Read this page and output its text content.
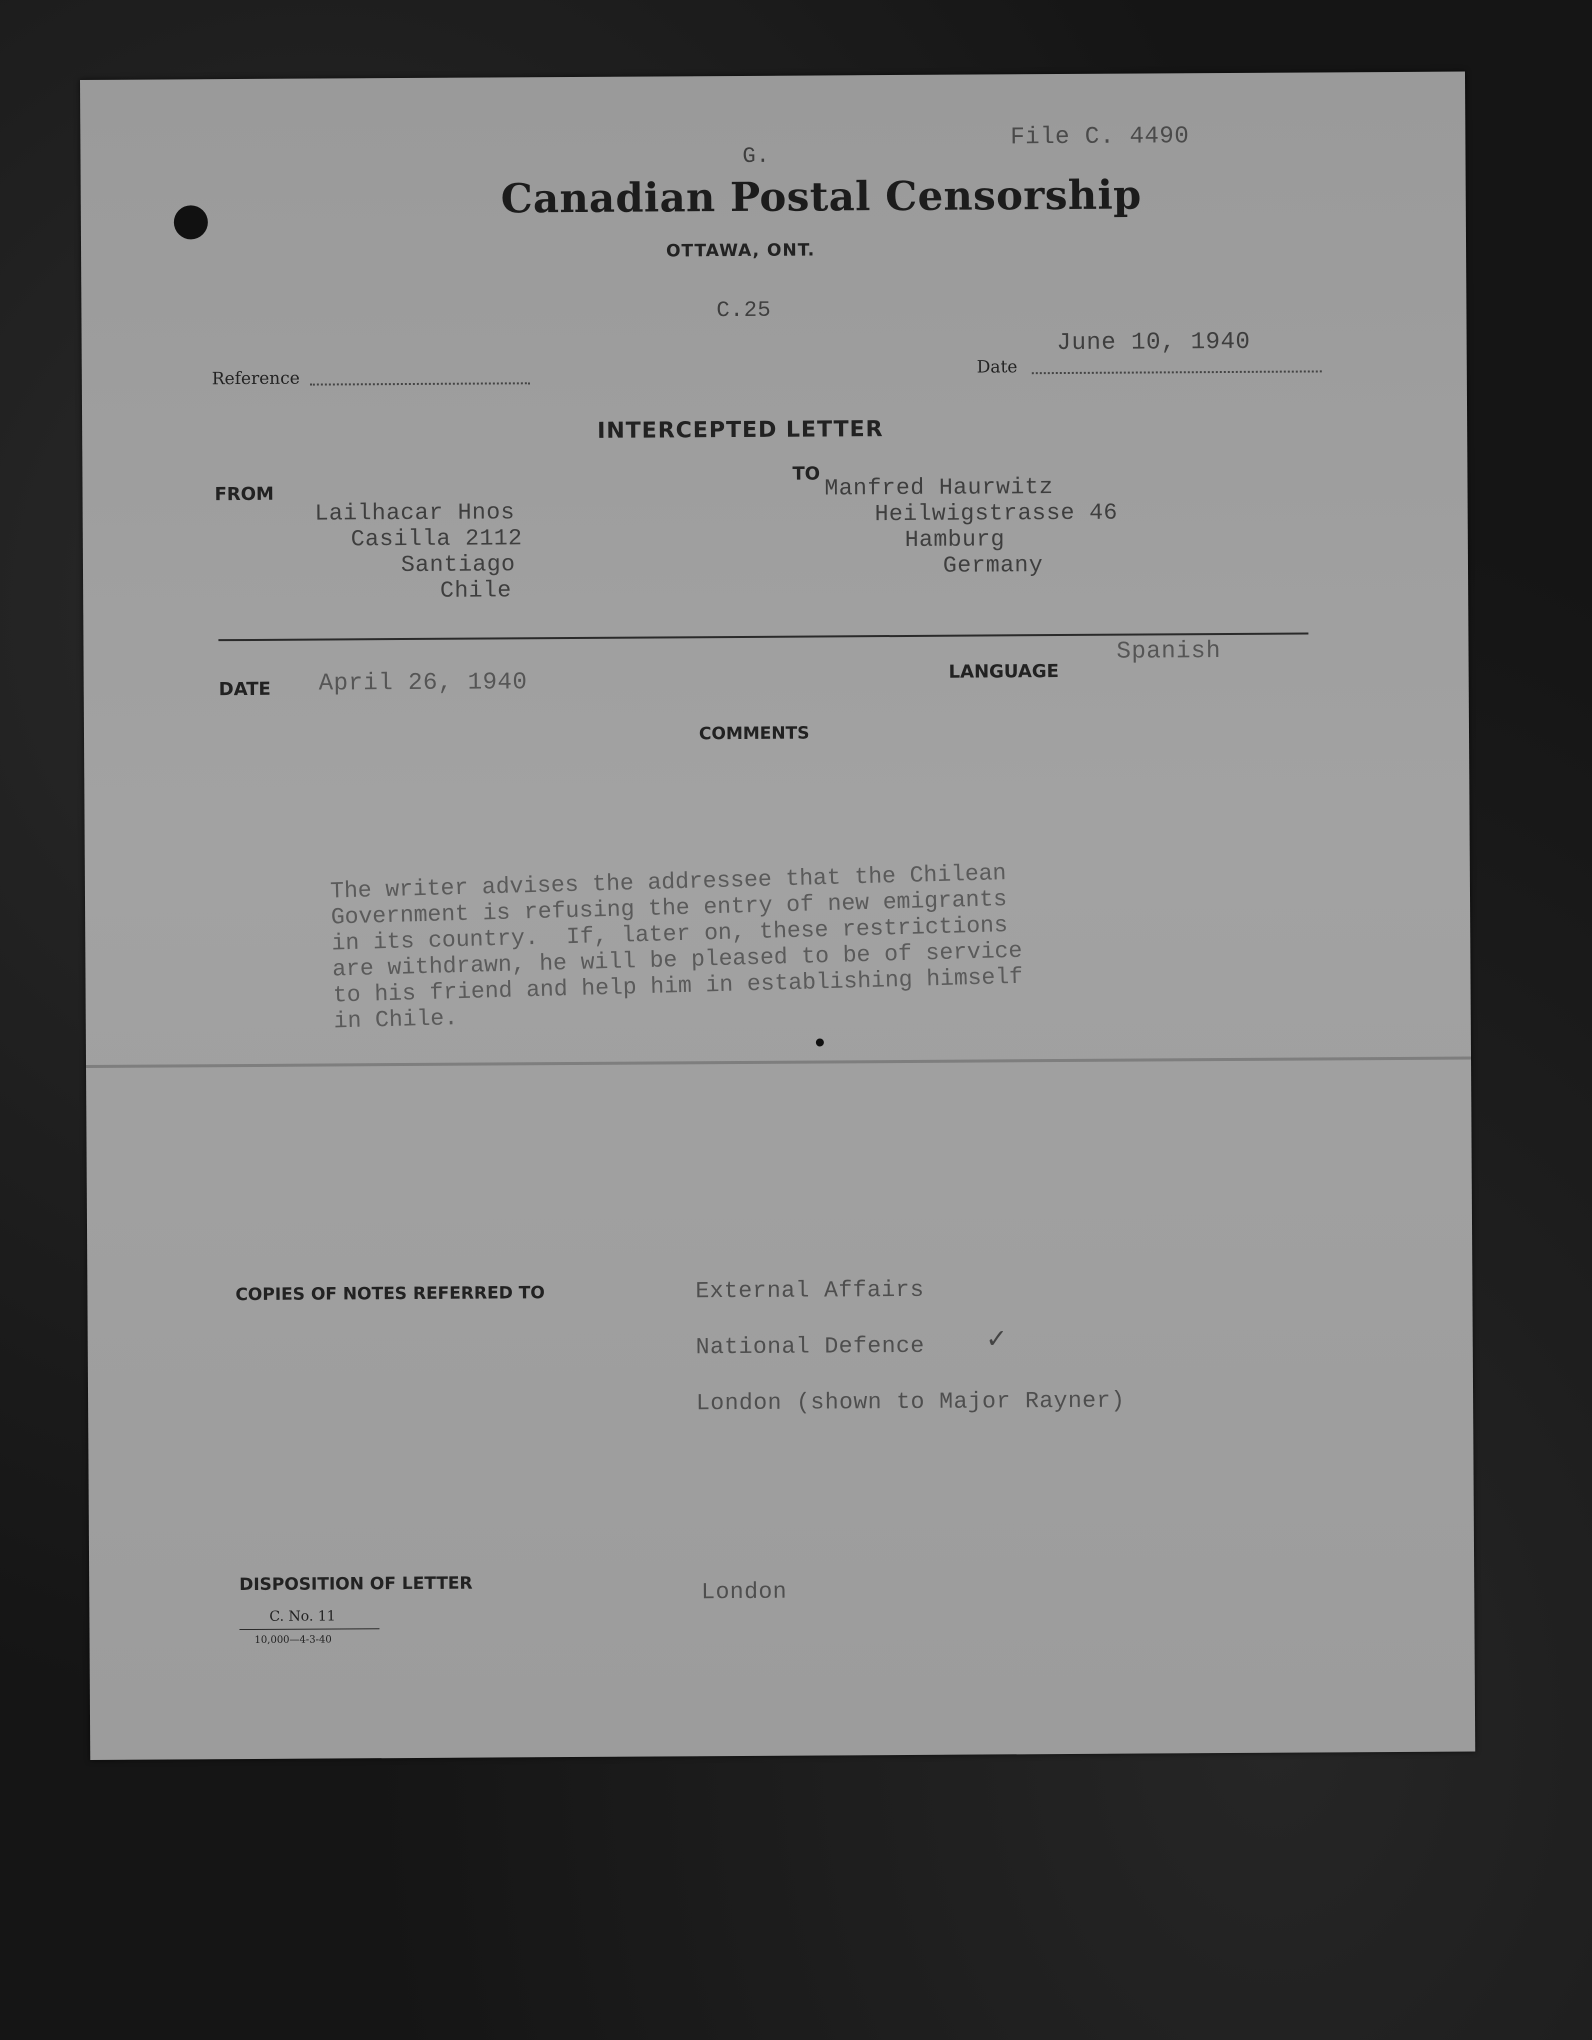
File C. 4490
G.
Canadian Postal Censorship
OTTAWA, ONT.
C.25
Reference
Date
June 10, 1940
INTERCEPTED LETTER
FROM
Lailhacar Hnos
Casilla 2112
Santiago
Chile
TO Manfred Haurwitz
Heilwigstrasse 46
Hamburg
Germany
DATE April 26, 1940	LANGUAGE
Spanish
COMMENTS
The writer advises the addressee that the Chilean
Government is refusing the entry of new emigrants
in its country.  If, later on, these restrictions
are withdrawn, he will be pleased to be of service
to his friend and help him in establishing himself
in Chile.
COPIES OF NOTES REFERRED TO	External Affairs
National Defence ✓
London (shown to Major Rayner)
DISPOSITION OF LETTER	London
C. No. 11
10,000—4-3-40
